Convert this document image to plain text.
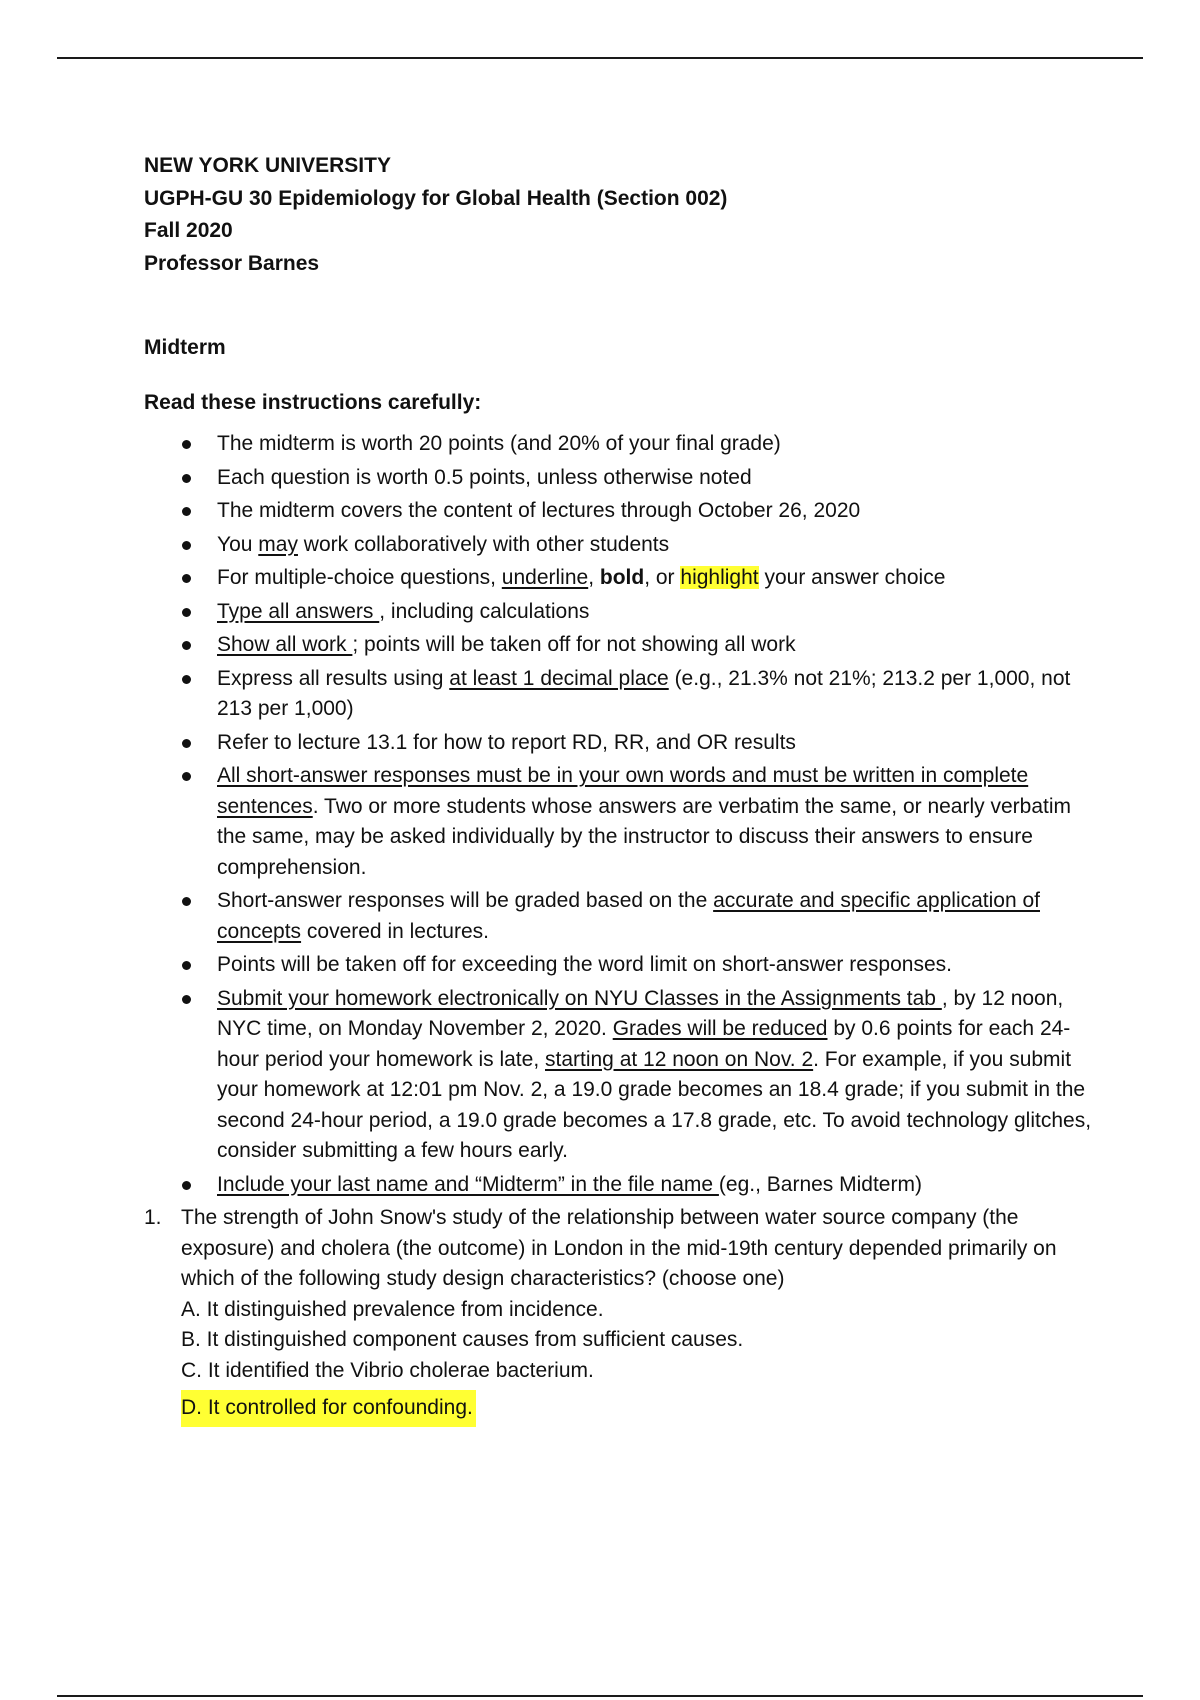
NEW YORK UNIVERSITY
UGPH-GU 30 Epidemiology for Global Health (Section 002)
Fall 2020
Professor Barnes
Midterm
Read these instructions carefully:
The midterm is worth 20 points (and 20% of your final grade)
Each question is worth 0.5 points, unless otherwise noted
The midterm covers the content of lectures through October 26, 2020
You may work collaboratively with other students
For multiple-choice questions, underline, bold, or highlight your answer choice
Type all answers , including calculations
Show all work ; points will be taken off for not showing all work
Express all results using at least 1 decimal place (e.g., 21.3% not 21%; 213.2 per 1,000, not 213 per 1,000)
Refer to lecture 13.1 for how to report RD, RR, and OR results
All short-answer responses must be in your own words and must be written in complete sentences. Two or more students whose answers are verbatim the same, or nearly verbatim the same, may be asked individually by the instructor to discuss their answers to ensure comprehension.
Short-answer responses will be graded based on the accurate and specific application of concepts covered in lectures.
Points will be taken off for exceeding the word limit on short-answer responses.
Submit your homework electronically on NYU Classes in the Assignments tab , by 12 noon, NYC time, on Monday November 2, 2020. Grades will be reduced by 0.6 points for each 24-hour period your homework is late, starting at 12 noon on Nov. 2. For example, if you submit your homework at 12:01 pm Nov. 2, a 19.0 grade becomes an 18.4 grade; if you submit in the second 24-hour period, a 19.0 grade becomes a 17.8 grade, etc. To avoid technology glitches, consider submitting a few hours early.
Include your last name and “Midterm” in the file name (eg., Barnes Midterm)
1. The strength of John Snow's study of the relationship between water source company (the exposure) and cholera (the outcome) in London in the mid-19th century depended primarily on which of the following study design characteristics? (choose one)
A. It distinguished prevalence from incidence.
B. It distinguished component causes from sufficient causes.
C. It identified the Vibrio cholerae bacterium.
D. It controlled for confounding.
